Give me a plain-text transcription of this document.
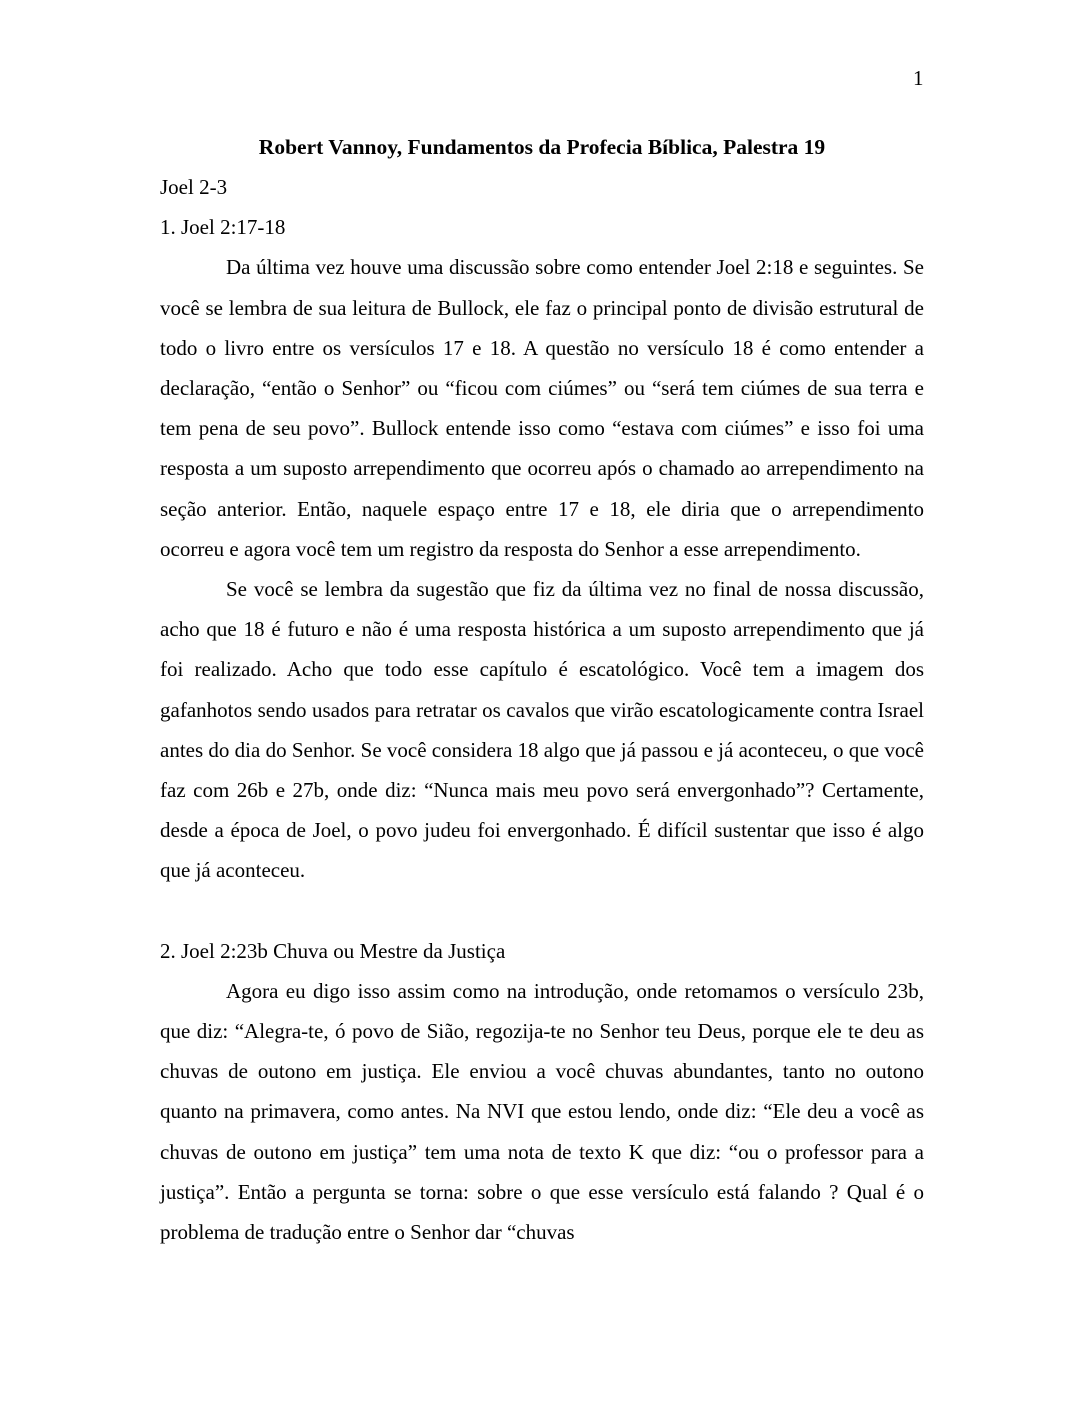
1
Robert Vannoy, Fundamentos da Profecia Bíblica, Palestra 19

Joel 2-3

1. Joel 2:17-18

Da última vez houve uma discussão sobre como entender Joel 2:18 e seguintes. Se você se lembra de sua leitura de Bullock, ele faz o principal ponto de divisão estrutural de todo o livro entre os versículos 17 e 18. A questão no versículo 18 é como entender a declaração, “então o Senhor” ou “ficou com ciúmes” ou “será tem ciúmes de sua terra e tem pena de seu povo”. Bullock entende isso como “estava com ciúmes” e isso foi uma resposta a um suposto arrependimento que ocorreu após o chamado ao arrependimento na seção anterior. Então, naquele espaço entre 17 e 18, ele diria que o arrependimento ocorreu e agora você tem um registro da resposta do Senhor a esse arrependimento.

Se você se lembra da sugestão que fiz da última vez no final de nossa discussão, acho que 18 é futuro e não é uma resposta histórica a um suposto arrependimento que já foi realizado. Acho que todo esse capítulo é escatológico. Você tem a imagem dos gafanhotos sendo usados para retratar os cavalos que virão escatologicamente contra Israel antes do dia do Senhor. Se você considera 18 algo que já passou e já aconteceu, o que você faz com 26b e 27b, onde diz: “Nunca mais meu povo será envergonhado”? Certamente, desde a época de Joel, o povo judeu foi envergonhado. É difícil sustentar que isso é algo que já aconteceu.

2. Joel 2:23b Chuva ou Mestre da Justiça

Agora eu digo isso assim como na introdução, onde retomamos o versículo 23b, que diz: “Alegra-te, ó povo de Sião, regozija-te no Senhor teu Deus, porque ele te deu as chuvas de outono em justiça. Ele enviou a você chuvas abundantes, tanto no outono quanto na primavera, como antes. Na NVI que estou lendo, onde diz: “Ele deu a você as chuvas de outono em justiça” tem uma nota de texto K que diz: “ou o professor para a justiça”. Então a pergunta se torna: sobre o que esse versículo está falando ? Qual é o problema de tradução entre o Senhor dar “chuvas
